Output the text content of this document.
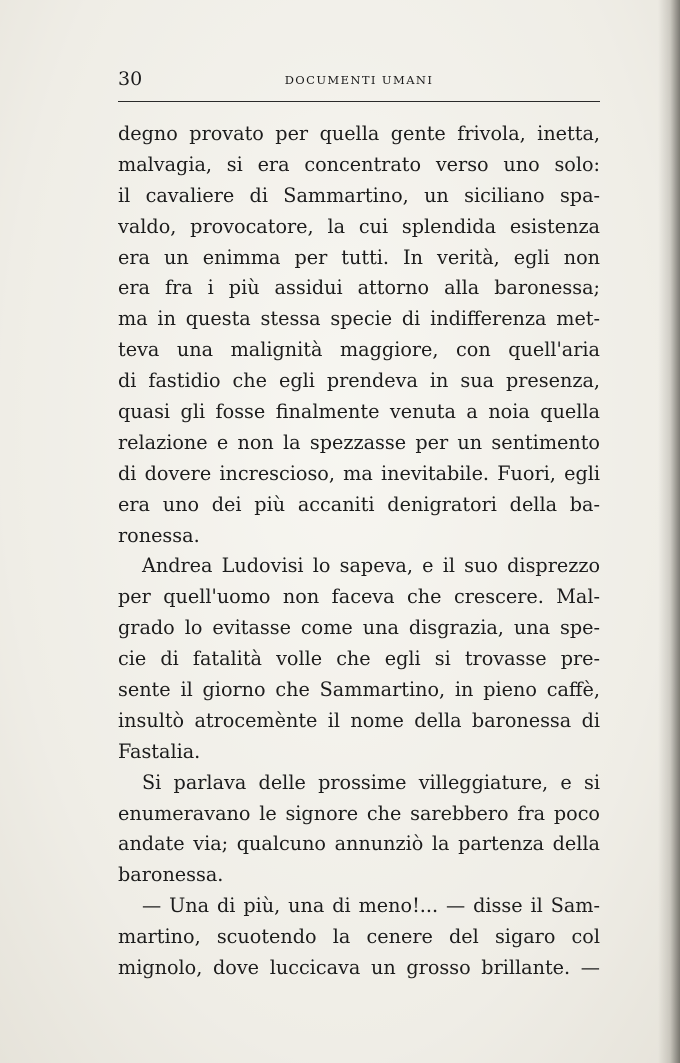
30	DOCUMENTI UMANI
degno provato per quella gente frivola, inetta,
malvagia, si era concentrato verso uno solo:
il cavaliere di Sammartino, un siciliano spa-
valdo, provocatore, la cui splendida esistenza
era un enimma per tutti. In verità, egli non
era fra i più assidui attorno alla baronessa;
ma in questa stessa specie di indifferenza met-
teva una malignità maggiore, con quell'aria
di fastidio che egli prendeva in sua presenza,
quasi gli fosse finalmente venuta a noia quella
relazione e non la spezzasse per un sentimento
di dovere increscioso, ma inevitabile. Fuori, egli
era uno dei più accaniti denigratori della ba-
ronessa.
Andrea Ludovisi lo sapeva, e il suo disprezzo
per quell'uomo non faceva che crescere. Mal-
grado lo evitasse come una disgrazia, una spe-
cie di fatalità volle che egli si trovasse pre-
sente il giorno che Sammartino, in pieno caffè,
insultò atrocemènte il nome della baronessa di
Fastalia.
Si parlava delle prossime villeggiature, e si
enumeravano le signore che sarebbero fra poco
andate via; qualcuno annunziò la partenza della
baronessa.
— Una di più, una di meno!... — disse il Sam-
martino, scuotendo la cenere del sigaro col
mignolo, dove luccicava un grosso brillante. —
